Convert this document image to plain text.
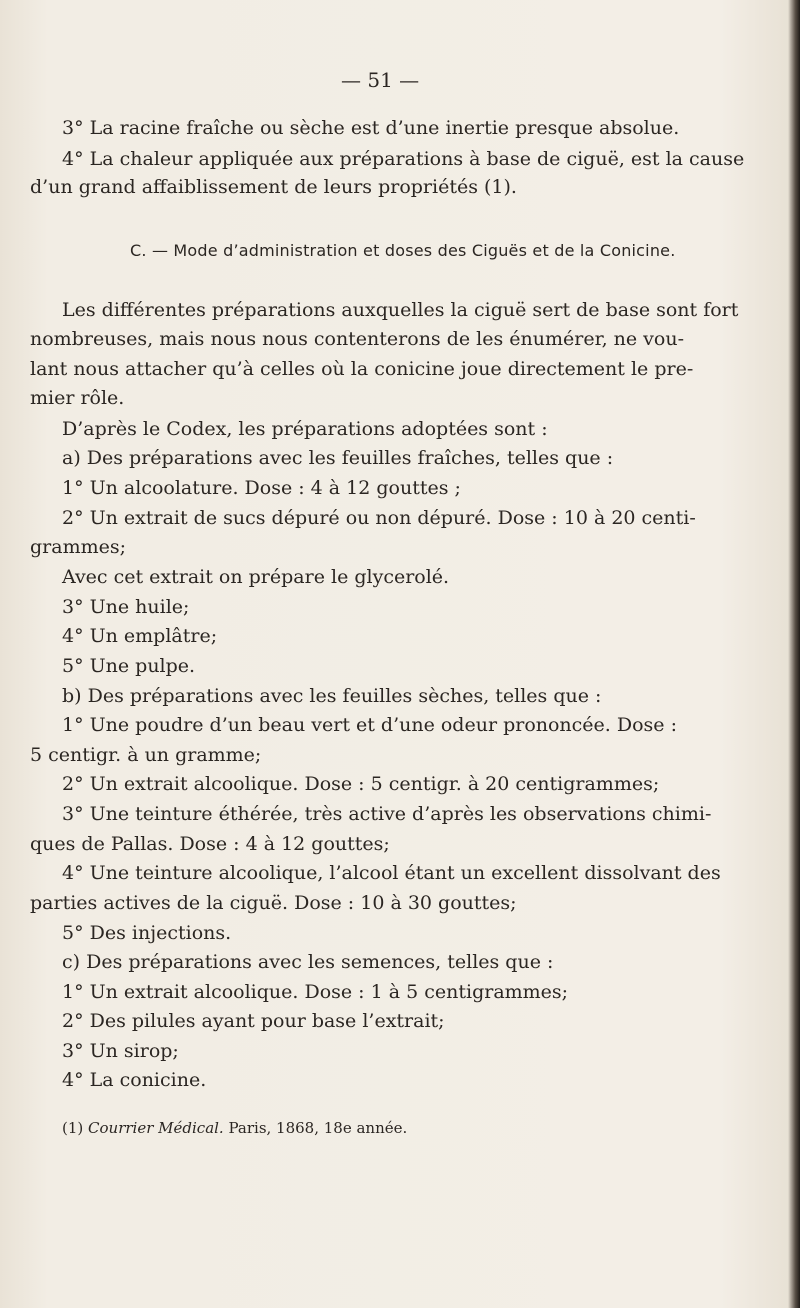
— 51 —
3° La racine fraîche ou sèche est d’une inertie presque absolue.
4° La chaleur appliquée aux préparations à base de ciguë, est la cause
d’un grand affaiblissement de leurs propriétés (1).
C. — Mode d’administration et doses des Ciguës et de la Conicine.
Les différentes préparations auxquelles la ciguë sert de base sont fort
nombreuses, mais nous nous contenterons de les énumérer, ne vou-
lant nous attacher qu’à celles où la conicine joue directement le pre-
mier rôle.
D’après le Codex, les préparations adoptées sont :
a) Des préparations avec les feuilles fraîches, telles que :
1° Un alcoolature. Dose : 4 à 12 gouttes ;
2° Un extrait de sucs dépuré ou non dépuré. Dose : 10 à 20 centi-
grammes;
Avec cet extrait on prépare le glycerolé.
3° Une huile;
4° Un emplâtre;
5° Une pulpe.
b) Des préparations avec les feuilles sèches, telles que :
1° Une poudre d’un beau vert et d’une odeur prononcée. Dose :
5 centigr. à un gramme;
2° Un extrait alcoolique. Dose : 5 centigr. à 20 centigrammes;
3° Une teinture éthérée, très active d’après les observations chimi-
ques de Pallas. Dose : 4 à 12 gouttes;
4° Une teinture alcoolique, l’alcool étant un excellent dissolvant des
parties actives de la ciguë. Dose : 10 à 30 gouttes;
5° Des injections.
c) Des préparations avec les semences, telles que :
1° Un extrait alcoolique. Dose : 1 à 5 centigrammes;
2° Des pilules ayant pour base l’extrait;
3° Un sirop;
4° La conicine.
(1) Courrier Médical. Paris, 1868, 18e année.
